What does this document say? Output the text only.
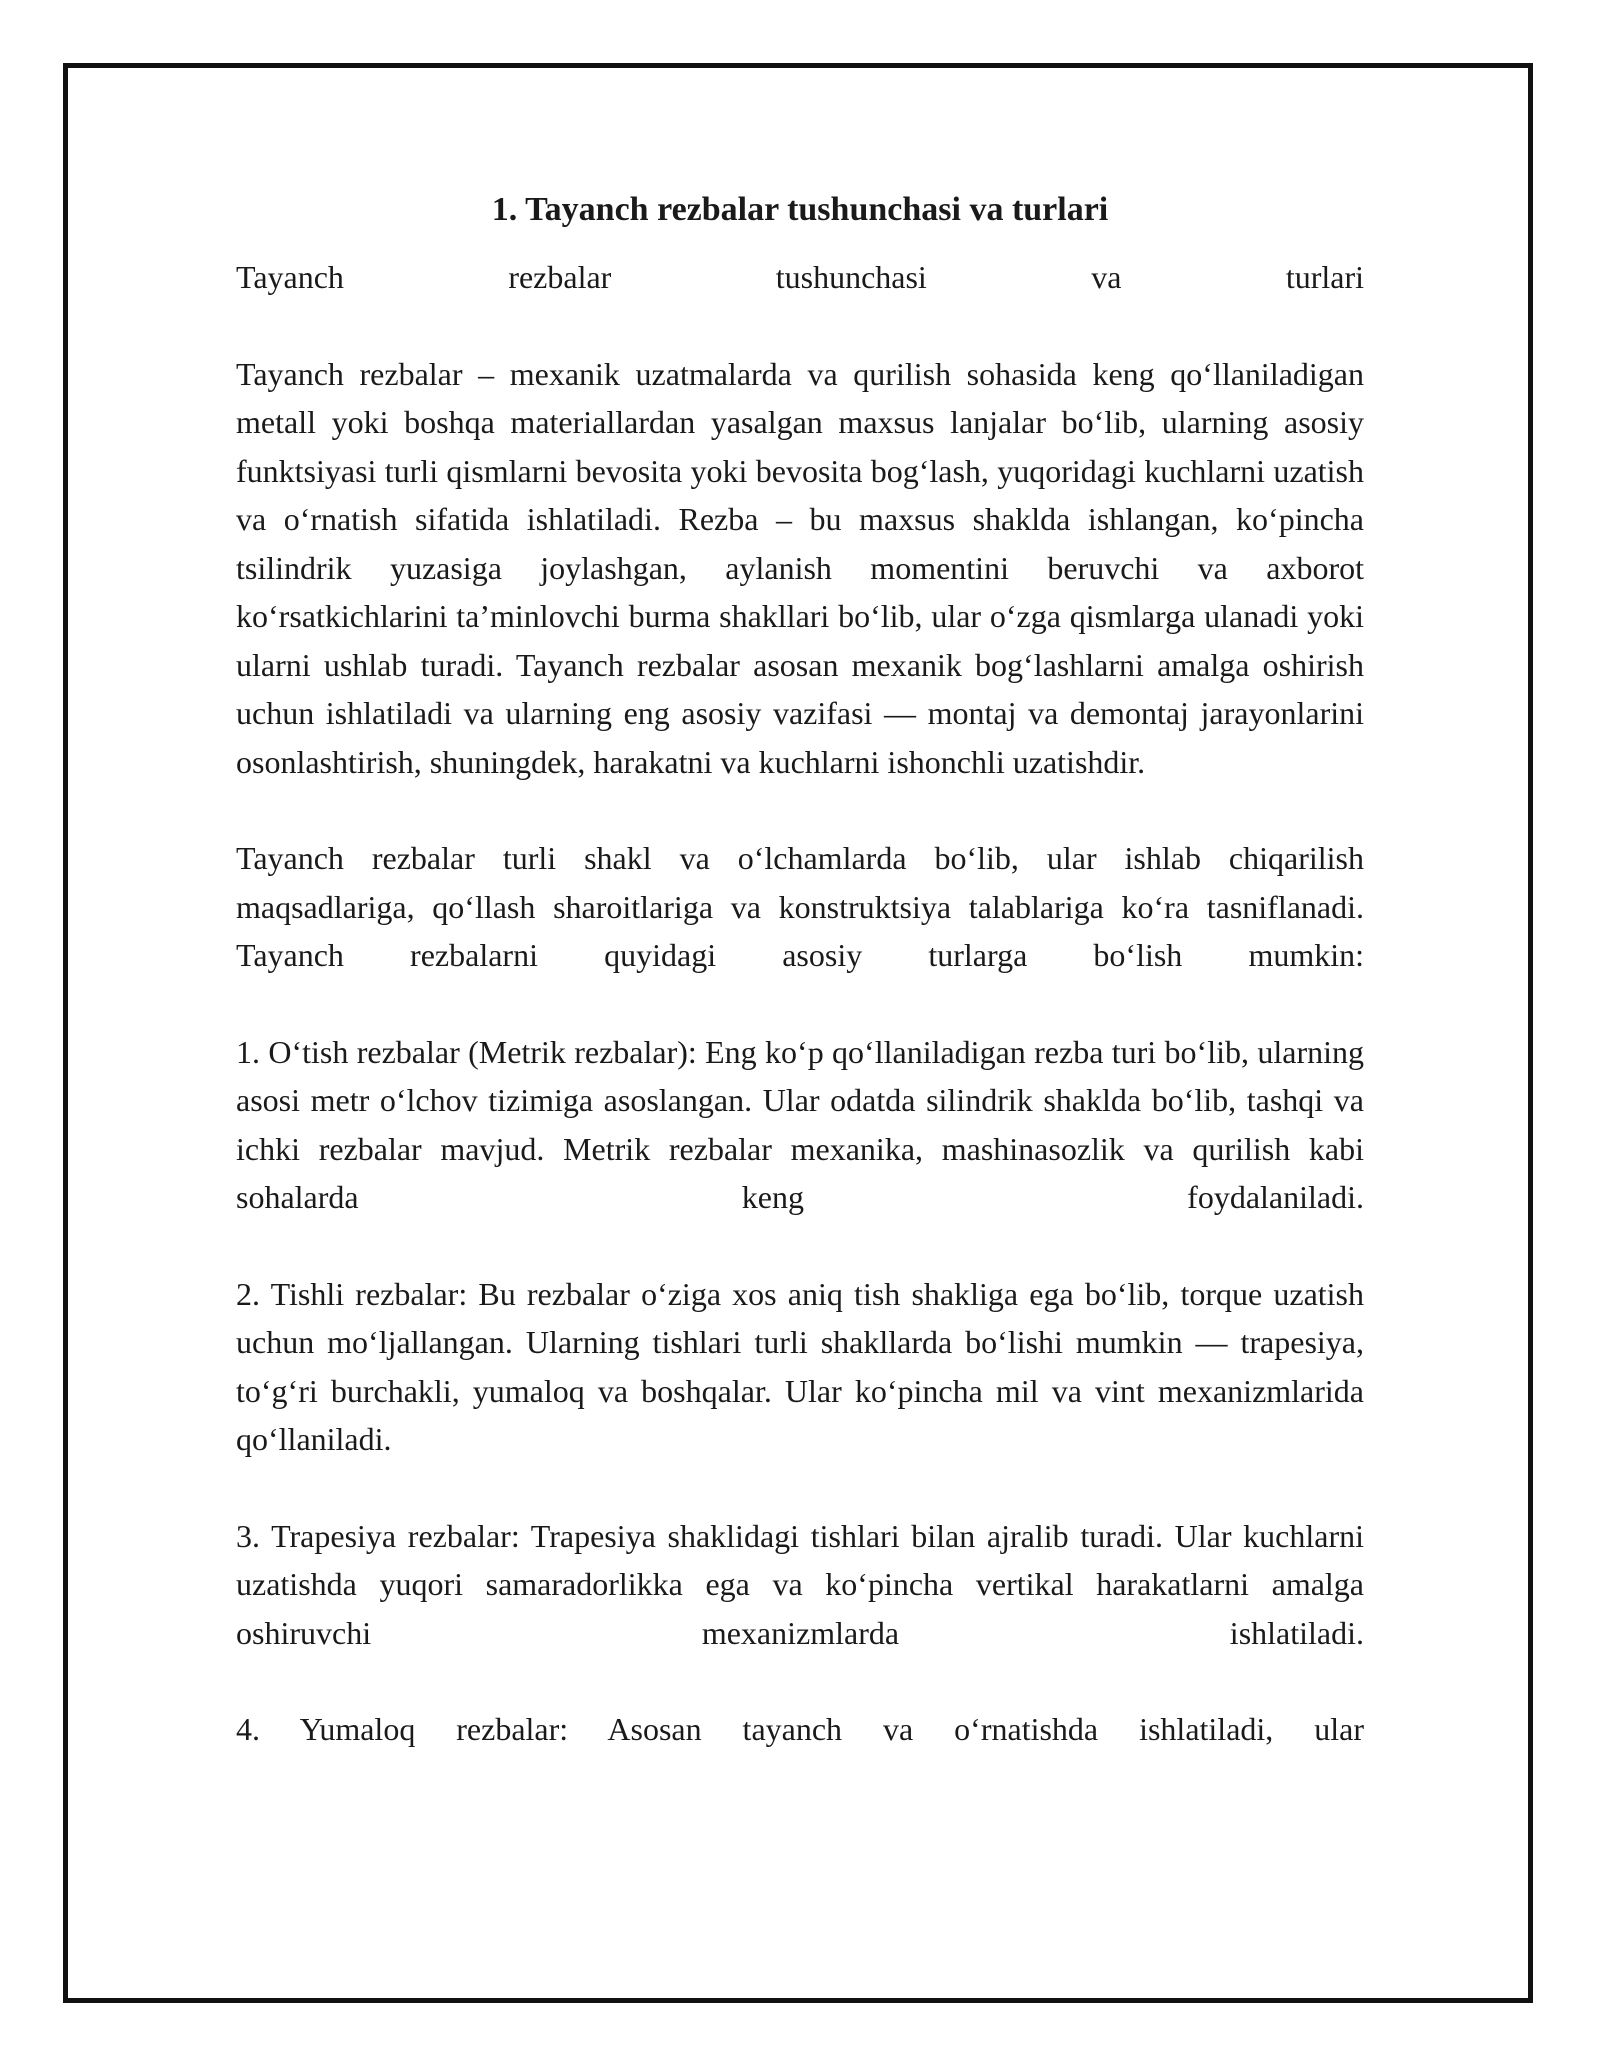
1. Tayanch rezbalar tushunchasi va turlari

Tayanch rezbalar tushunchasi va turlari

Tayanch rezbalar – mexanik uzatmalarda va qurilish sohasida keng qo‘llaniladigan metall yoki boshqa materiallardan yasalgan maxsus lanjalar bo‘lib, ularning asosiy funktsiyasi turli qismlarni bevosita yoki bevosita bog‘lash, yuqoridagi kuchlarni uzatish va o‘rnatish sifatida ishlatiladi. Rezba – bu maxsus shaklda ishlangan, ko‘pincha tsilindrik yuzasiga joylashgan, aylanish momentini beruvchi va axborot ko‘rsatkichlarini ta’minlovchi burma shakllari bo‘lib, ular o‘zga qismlarga ulanadi yoki ularni ushlab turadi. Tayanch rezbalar asosan mexanik bog‘lashlarni amalga oshirish uchun ishlatiladi va ularning eng asosiy vazifasi — montaj va demontaj jarayonlarini osonlashtirish, shuningdek, harakatni va kuchlarni ishonchli uzatishdir.

Tayanch rezbalar turli shakl va o‘lchamlarda bo‘lib, ular ishlab chiqarilish maqsadlariga, qo‘llash sharoitlariga va konstruktsiya talablariga ko‘ra tasniflanadi. Tayanch rezbalarni quyidagi asosiy turlarga bo‘lish mumkin:

1. O‘tish rezbalar (Metrik rezbalar): Eng ko‘p qo‘llaniladigan rezba turi bo‘lib, ularning asosi metr o‘lchov tizimiga asoslangan. Ular odatda silindrik shaklda bo‘lib, tashqi va ichki rezbalar mavjud. Metrik rezbalar mexanika, mashinasozlik va qurilish kabi sohalarda keng foydalaniladi.

2. Tishli rezbalar: Bu rezbalar o‘ziga xos aniq tish shakliga ega bo‘lib, torque uzatish uchun mo‘ljallangan. Ularning tishlari turli shakllarda bo‘lishi mumkin — trapesiya, to‘g‘ri burchakli, yumaloq va boshqalar. Ular ko‘pincha mil va vint mexanizmlarida qo‘llaniladi.

3. Trapesiya rezbalar: Trapesiya shaklidagi tishlari bilan ajralib turadi. Ular kuchlarni uzatishda yuqori samaradorlikka ega va ko‘pincha vertikal harakatlarni amalga oshiruvchi mexanizmlarda ishlatiladi.

4. Yumaloq rezbalar: Asosan tayanch va o‘rnatishda ishlatiladi, ular
